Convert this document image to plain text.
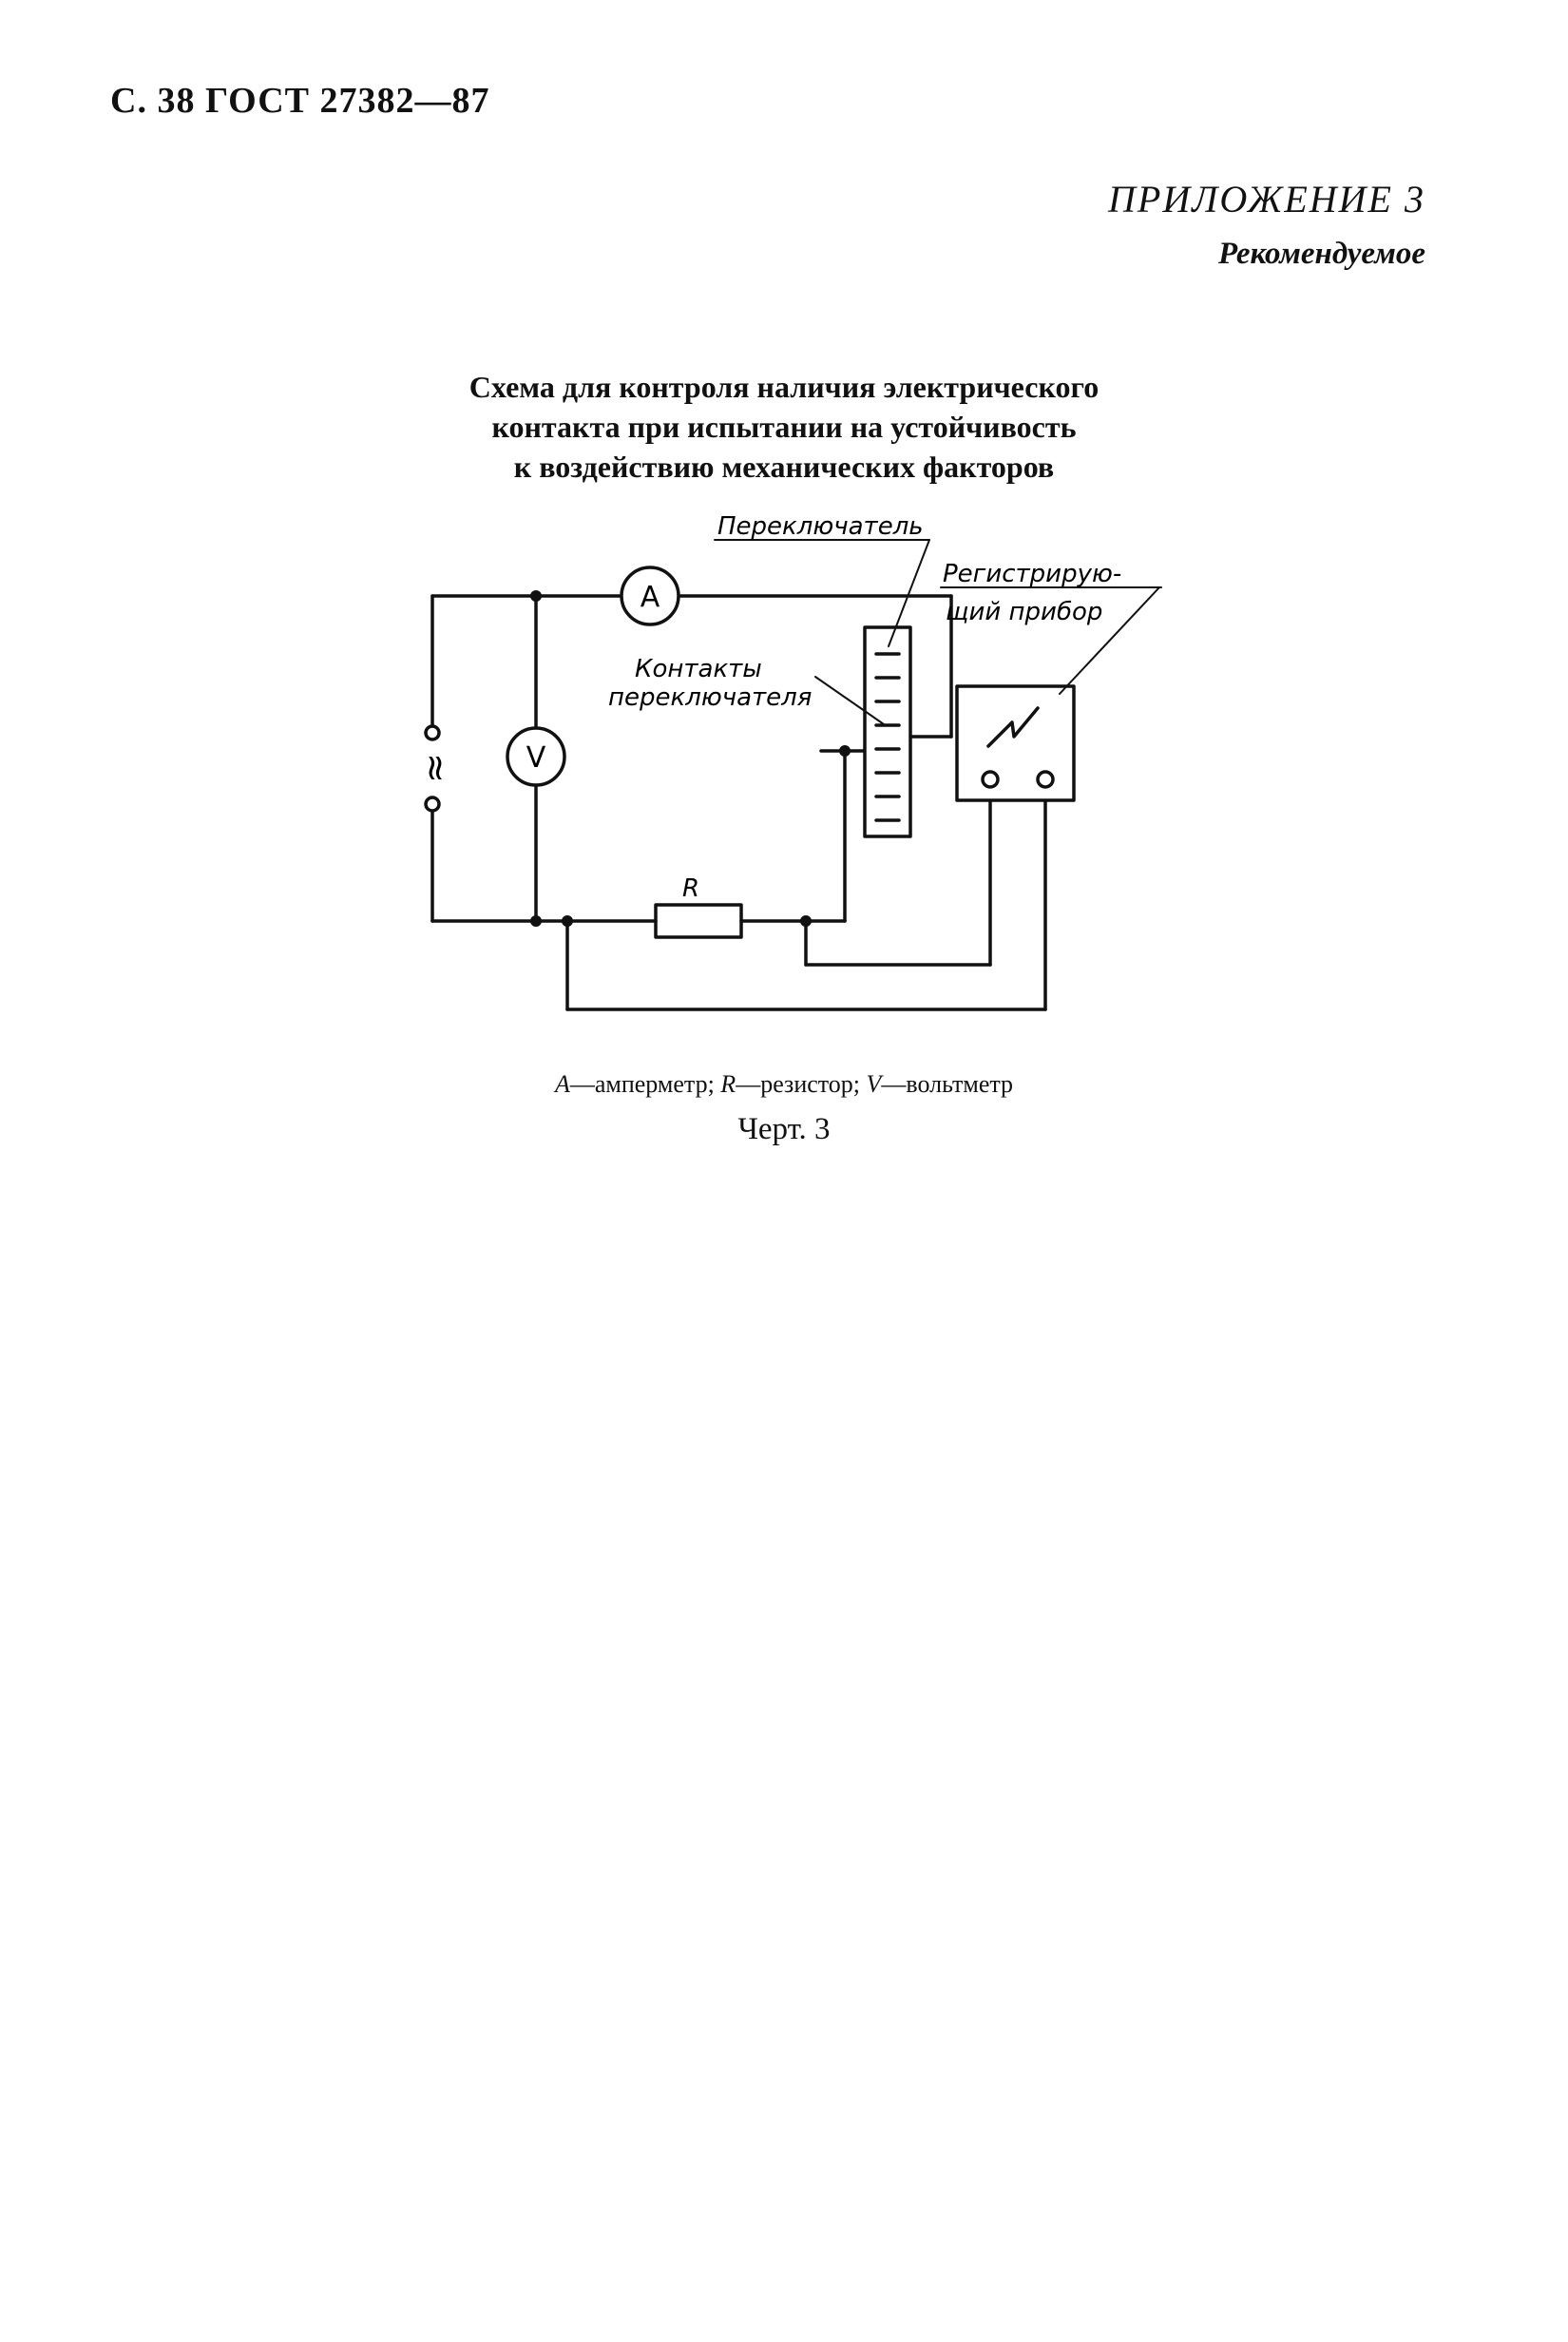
С. 38 ГОСТ 27382—87
ПРИЛОЖЕНИЕ 3
Рекомендуемое
Схема для контроля наличия электрического
контакта при испытании на устойчивость
к воздействию механических факторов
A
V
≈
R
Переключатель
Регистрирую-
щий прибор
Контакты
переключателя
A—амперметр; R—резистор; V—вольтметр
Черт. 3
